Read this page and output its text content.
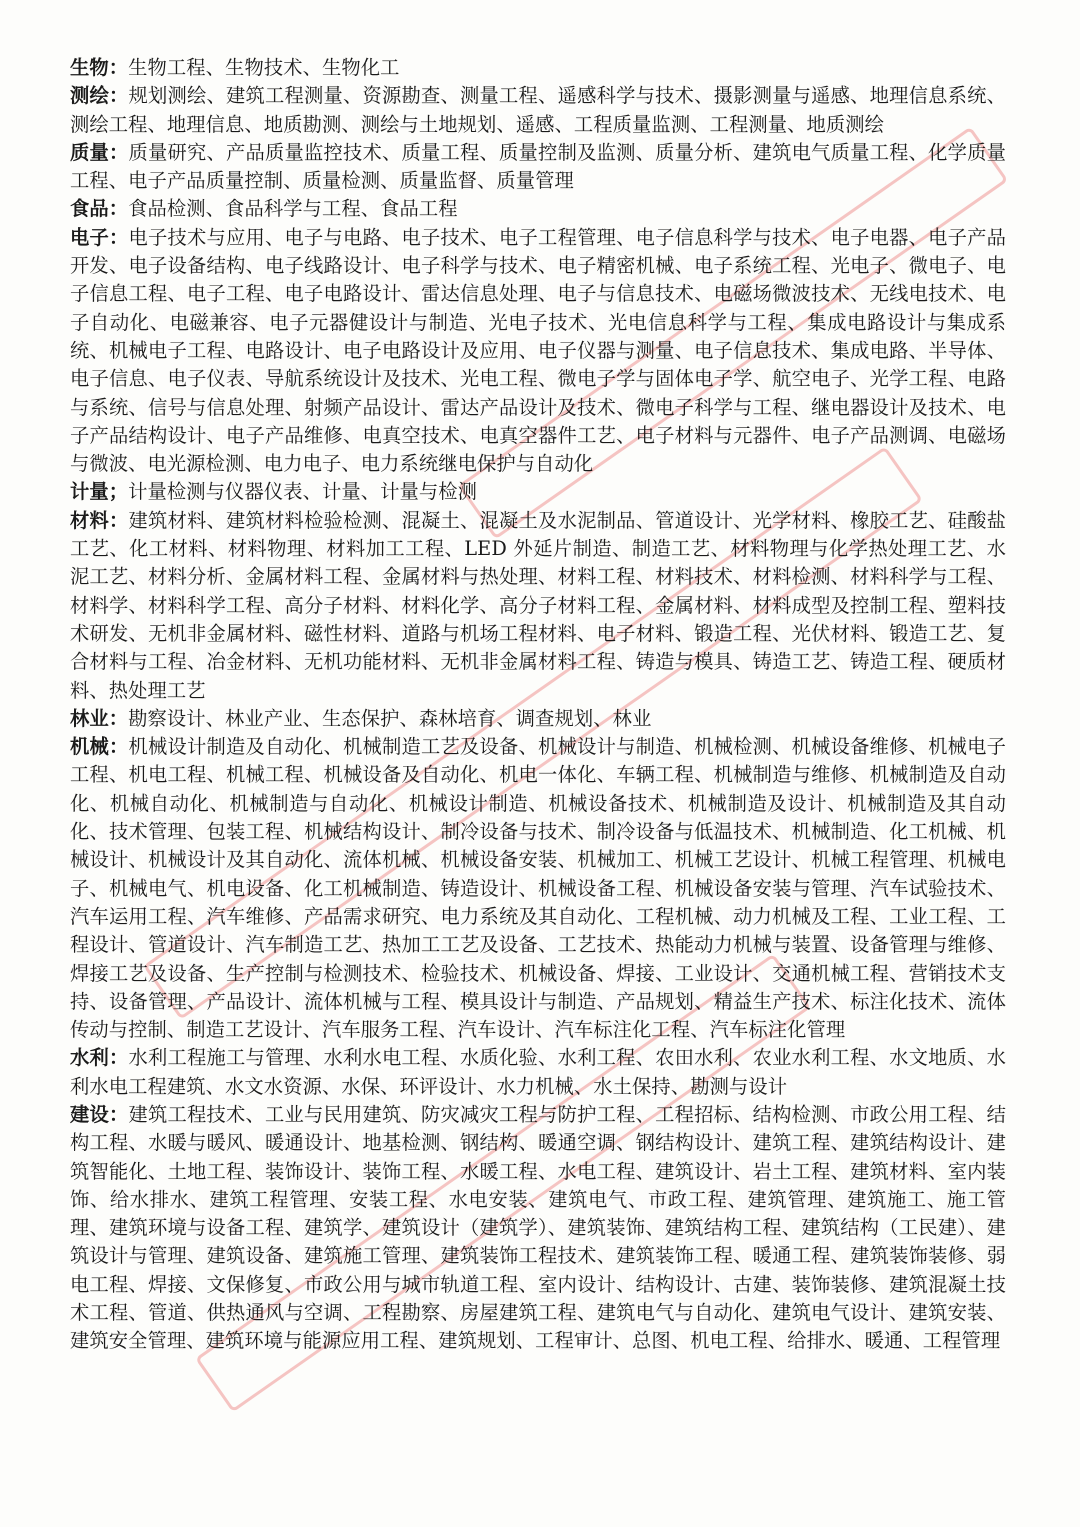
生物：生物工程、生物技术、生物化工

测绘：规划测绘、建筑工程测量、资源勘查、测量工程、遥感科学与技术、摄影测量与遥感、地理信息系统、测绘工程、地理信息、地质勘测、测绘与土地规划、遥感、工程质量监测、工程测量、地质测绘

质量：质量研究、产品质量监控技术、质量工程、质量控制及监测、质量分析、建筑电气质量工程、化学质量工程、电子产品质量控制、质量检测、质量监督、质量管理

食品：食品检测、食品科学与工程、食品工程

电子：电子技术与应用、电子与电路、电子技术、电子工程管理、电子信息科学与技术、电子电器、电子产品开发、电子设备结构、电子线路设计、电子科学与技术、电子精密机械、电子系统工程、光电子、微电子、电子信息工程、电子工程、电子电路设计、雷达信息处理、电子与信息技术、电磁场微波技术、无线电技术、电子自动化、电磁兼容、电子元器健设计与制造、光电子技术、光电信息科学与工程、集成电路设计与集成系统、机械电子工程、电路设计、电子电路设计及应用、电子仪器与测量、电子信息技术、集成电路、半导体、电子信息、电子仪表、导航系统设计及技术、光电工程、微电子学与固体电子学、航空电子、光学工程、电路与系统、信号与信息处理、射频产品设计、雷达产品设计及技术、微电子科学与工程、继电器设计及技术、电子产品结构设计、电子产品维修、电真空技术、电真空器件工艺、电子材料与元器件、电子产品测调、电磁场与微波、电光源检测、电力电子、电力系统继电保护与自动化

计量；计量检测与仪器仪表、计量、计量与检测

材料：建筑材料、建筑材料检验检测、混凝土、混凝土及水泥制品、管道设计、光学材料、橡胶工艺、硅酸盐工艺、化工材料、材料物理、材料加工工程、LED 外延片制造、制造工艺、材料物理与化学热处理工艺、水泥工艺、材料分析、金属材料工程、金属材料与热处理、材料工程、材料技术、材料检测、材料科学与工程、材料学、材料科学工程、高分子材料、材料化学、高分子材料工程、金属材料、材料成型及控制工程、塑料技术研发、无机非金属材料、磁性材料、道路与机场工程材料、电子材料、锻造工程、光伏材料、锻造工艺、复合材料与工程、冶金材料、无机功能材料、无机非金属材料工程、铸造与模具、铸造工艺、铸造工程、硬质材料、热处理工艺

林业：勘察设计、林业产业、生态保护、森林培育、调查规划、林业

机械：机械设计制造及自动化、机械制造工艺及设备、机械设计与制造、机械检测、机械设备维修、机械电子工程、机电工程、机械工程、机械设备及自动化、机电一体化、车辆工程、机械制造与维修、机械制造及自动化、机械自动化、机械制造与自动化、机械设计制造、机械设备技术、机械制造及设计、机械制造及其自动化、技术管理、包装工程、机械结构设计、制冷设备与技术、制冷设备与低温技术、机械制造、化工机械、机械设计、机械设计及其自动化、流体机械、机械设备安装、机械加工、机械工艺设计、机械工程管理、机械电子、机械电气、机电设备、化工机械制造、铸造设计、机械设备工程、机械设备安装与管理、汽车试验技术、汽车运用工程、汽车维修、产品需求研究、电力系统及其自动化、工程机械、动力机械及工程、工业工程、工程设计、管道设计、汽车制造工艺、热加工工艺及设备、工艺技术、热能动力机械与装置、设备管理与维修、焊接工艺及设备、生产控制与检测技术、检验技术、机械设备、焊接、工业设计、交通机械工程、营销技术支持、设备管理、产品设计、流体机械与工程、模具设计与制造、产品规划、精益生产技术、标注化技术、流体传动与控制、制造工艺设计、汽车服务工程、汽车设计、汽车标注化工程、汽车标注化管理

水利：水利工程施工与管理、水利水电工程、水质化验、水利工程、农田水利、农业水利工程、水文地质、水利水电工程建筑、水文水资源、水保、环评设计、水力机械、水土保持、勘测与设计

建设：建筑工程技术、工业与民用建筑、防灾减灾工程与防护工程、工程招标、结构检测、市政公用工程、结构工程、水暖与暖风、暖通设计、地基检测、钢结构、暖通空调、钢结构设计、建筑工程、建筑结构设计、建筑智能化、土地工程、装饰设计、装饰工程、水暖工程、水电工程、建筑设计、岩土工程、建筑材料、室内装饰、给水排水、建筑工程管理、安装工程、水电安装、建筑电气、市政工程、建筑管理、建筑施工、施工管理、建筑环境与设备工程、建筑学、建筑设计（建筑学）、建筑装饰、建筑结构工程、建筑结构（工民建）、建筑设计与管理、建筑设备、建筑施工管理、建筑装饰工程技术、建筑装饰工程、暖通工程、建筑装饰装修、弱电工程、焊接、文保修复、市政公用与城市轨道工程、室内设计、结构设计、古建、装饰装修、建筑混凝土技术工程、管道、供热通风与空调、工程勘察、房屋建筑工程、建筑电气与自动化、建筑电气设计、建筑安装、建筑安全管理、建筑环境与能源应用工程、建筑规划、工程审计、总图、机电工程、给排水、暖通、工程管理
